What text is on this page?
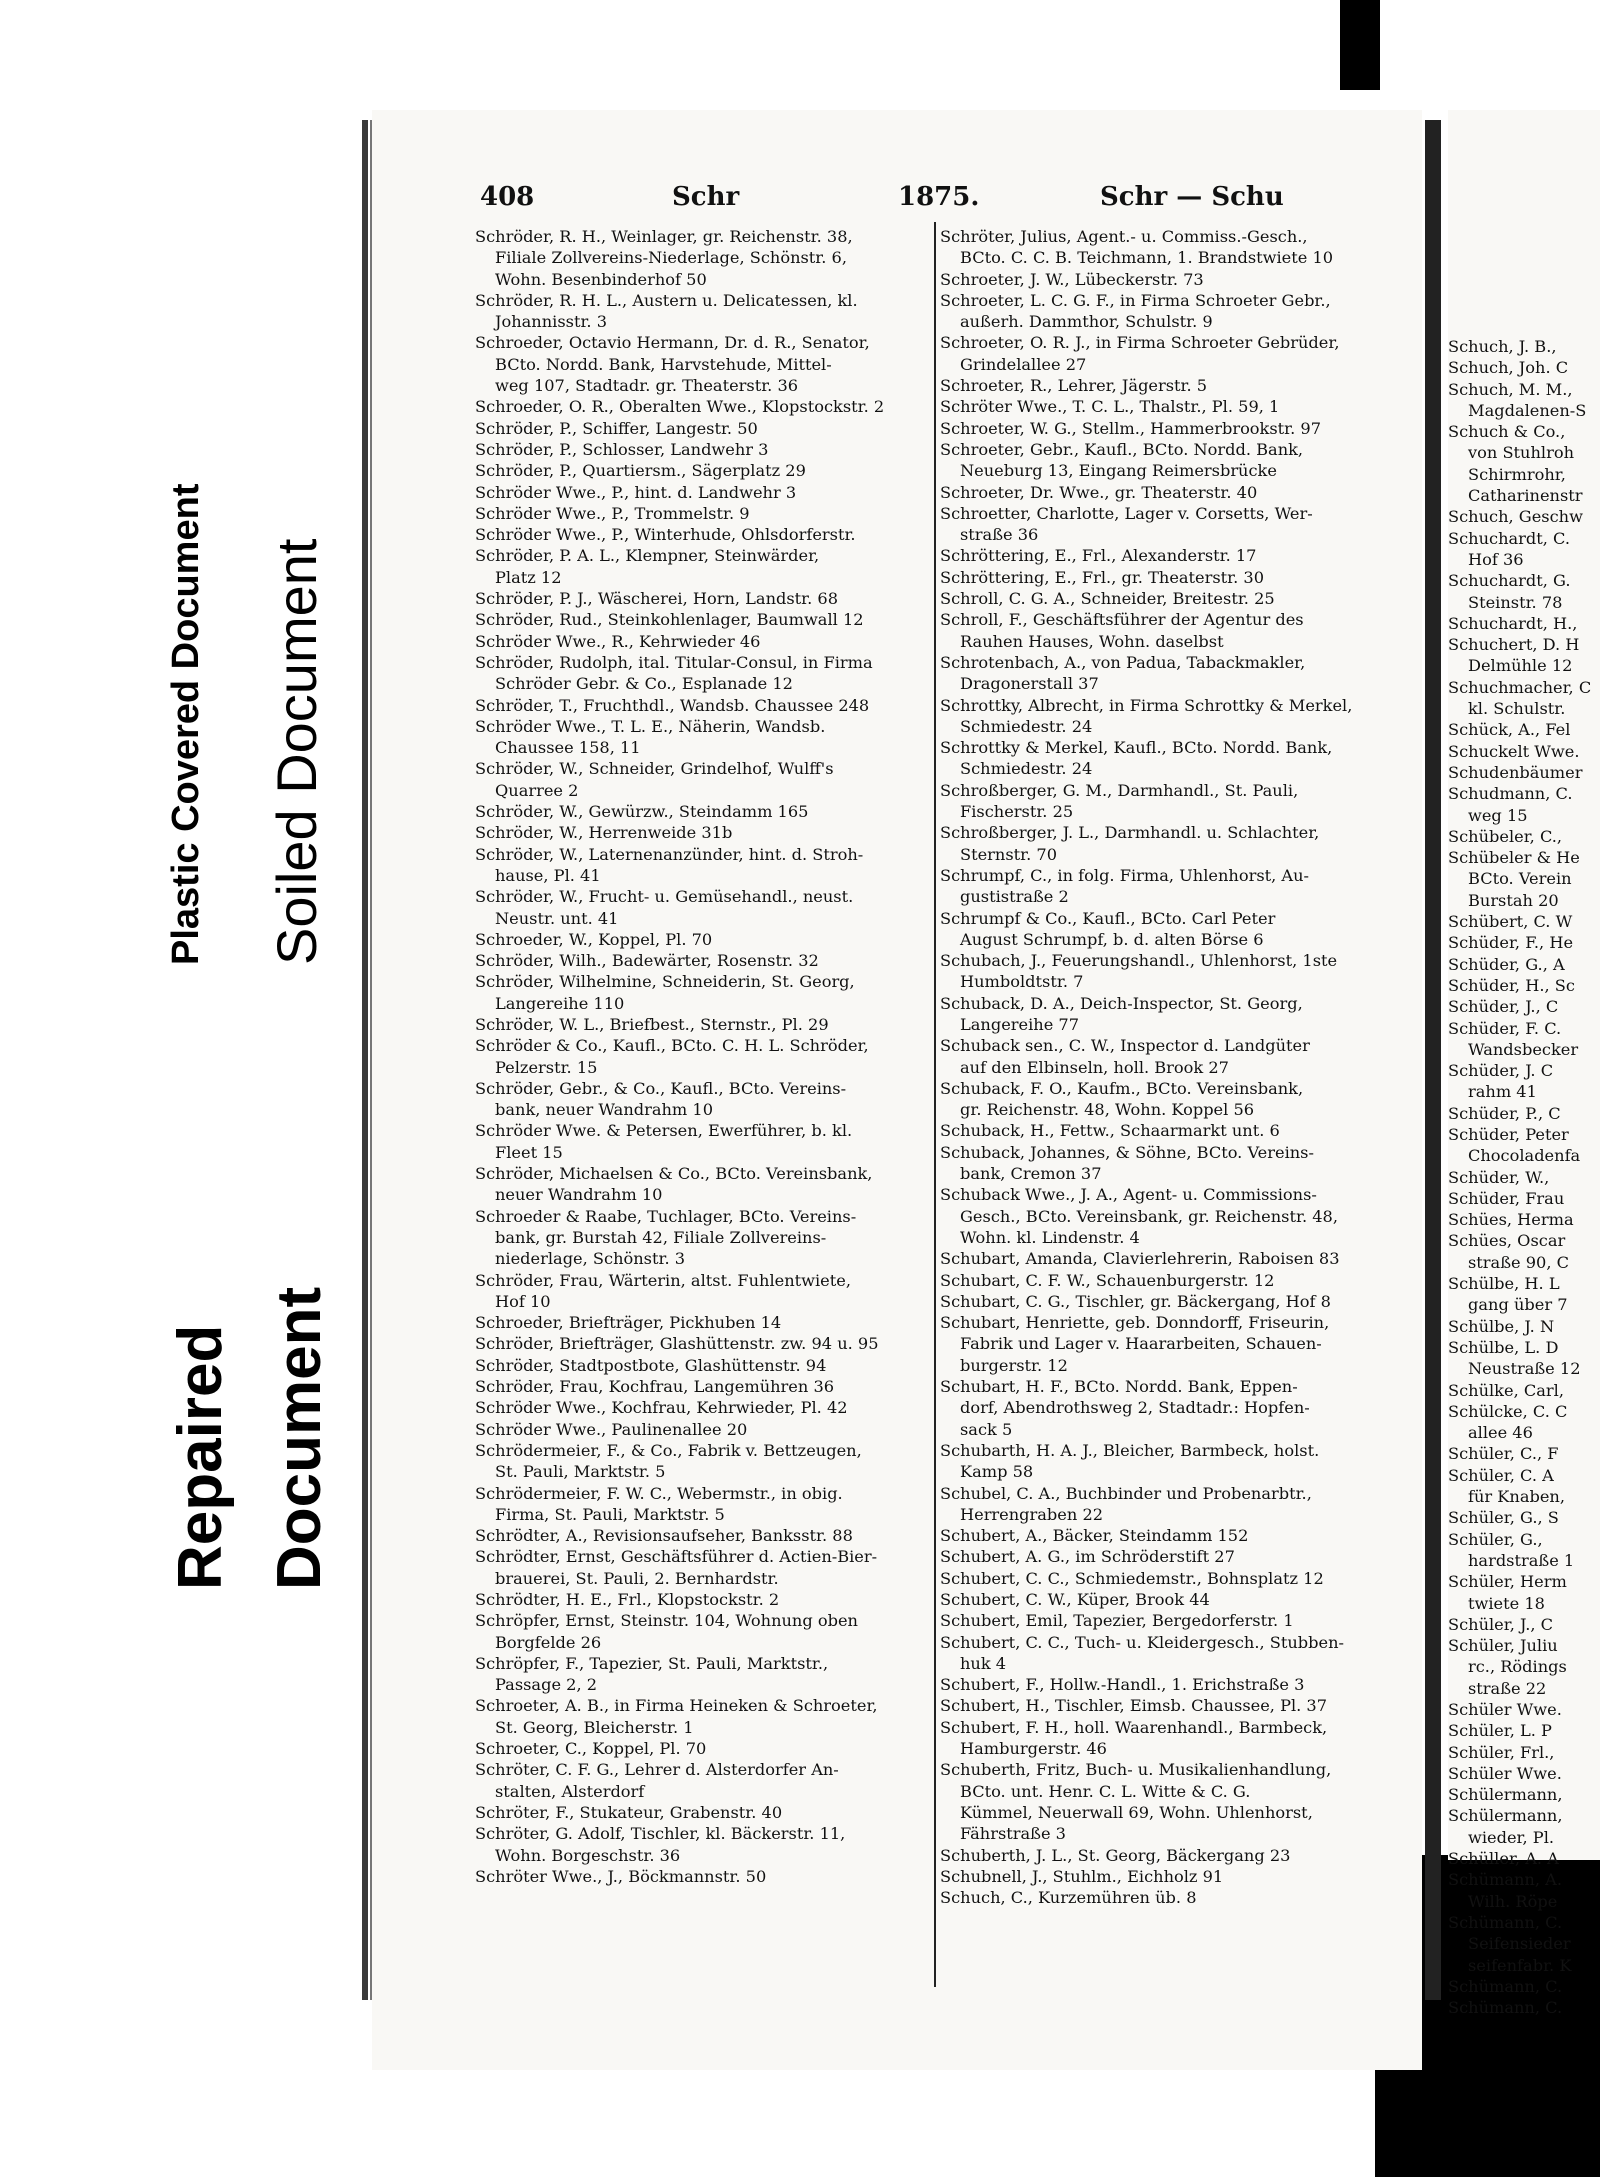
Plastic Covered Document Soiled Document
Repaired Document
Schuch, J. B.,
Schuch, Joh. C
Schuch, M. M.,
Magdalenen-S
Schuch & Co.,
von Stuhlroh
Schirmrohr,
Catharinenstr
Schuch, Geschw
Schuchardt, C.
Hof 36
Schuchardt, G.
Steinstr. 78
Schuchardt, H.,
Schuchert, D. H
Delmühle 12
Schuchmacher, C
kl. Schulstr.
Schück, A., Fel
Schuckelt Wwe.
Schudenbäumer
Schudmann, C.
weg 15
Schübeler, C.,
Schübeler & He
BCto. Verein
Burstah 20
Schübert, C. W
Schüder, F., He
Schüder, G., A
Schüder, H., Sc
Schüder, J., C
Schüder, F. C.
Wandsbecker
Schüder, J. C
rahm 41
Schüder, P., C
Schüder, Peter
Chocoladenfa
Schüder, W.,
Schüder, Frau
Schües, Herma
Schües, Oscar
straße 90, C
Schülbe, H. L
gang über 7
Schülbe, J. N
Schülbe, L. D
Neustraße 12
Schülke, Carl,
Schülcke, C. C
allee 46
Schüler, C., F
Schüler, C. A
für Knaben,
Schüler, G., S
Schüler, G.,
hardstraße 1
Schüler, Herm
twiete 18
Schüler, J., C
Schüler, Juliu
rc., Rödings
straße 22
Schüler Wwe.
Schüler, L. P
Schüler, Frl.,
Schüler Wwe.
Schülermann,
Schülermann,
wieder, Pl.
Schüller, A. A
Schümann, A.
Wilh. Röpe
Schümann, C.
Seifensieder
seifenfabr. K
Schümann, C.
Schümann, C.
408	Schr	1875.	Schr — Schu
Schröder, R. H., Weinlager, gr. Reichenstr. 38,
Filiale Zollvereins-Niederlage, Schönstr. 6,
Wohn. Besenbinderhof 50
Schröder, R. H. L., Austern u. Delicatessen, kl.
Johannisstr. 3
Schroeder, Octavio Hermann, Dr. d. R., Senator,
BCto. Nordd. Bank, Harvstehude, Mittel-
weg 107, Stadtadr. gr. Theaterstr. 36
Schroeder, O. R., Oberalten Wwe., Klopstockstr. 2
Schröder, P., Schiffer, Langestr. 50
Schröder, P., Schlosser, Landwehr 3
Schröder, P., Quartiersm., Sägerplatz 29
Schröder Wwe., P., hint. d. Landwehr 3
Schröder Wwe., P., Trommelstr. 9
Schröder Wwe., P., Winterhude, Ohlsdorferstr.
Schröder, P. A. L., Klempner, Steinwärder,
Platz 12
Schröder, P. J., Wäscherei, Horn, Landstr. 68
Schröder, Rud., Steinkohlenlager, Baumwall 12
Schröder Wwe., R., Kehrwieder 46
Schröder, Rudolph, ital. Titular-Consul, in Firma
Schröder Gebr. & Co., Esplanade 12
Schröder, T., Fruchthdl., Wandsb. Chaussee 248
Schröder Wwe., T. L. E., Näherin, Wandsb.
Chaussee 158, 11
Schröder, W., Schneider, Grindelhof, Wulff's
Quarree 2
Schröder, W., Gewürzw., Steindamm 165
Schröder, W., Herrenweide 31b
Schröder, W., Laternenanzünder, hint. d. Stroh-
hause, Pl. 41
Schröder, W., Frucht- u. Gemüsehandl., neust.
Neustr. unt. 41
Schroeder, W., Koppel, Pl. 70
Schröder, Wilh., Badewärter, Rosenstr. 32
Schröder, Wilhelmine, Schneiderin, St. Georg,
Langereihe 110
Schröder, W. L., Briefbest., Sternstr., Pl. 29
Schröder & Co., Kaufl., BCto. C. H. L. Schröder,
Pelzerstr. 15
Schröder, Gebr., & Co., Kaufl., BCto. Vereins-
bank, neuer Wandrahm 10
Schröder Wwe. & Petersen, Ewerführer, b. kl.
Fleet 15
Schröder, Michaelsen & Co., BCto. Vereinsbank,
neuer Wandrahm 10
Schroeder & Raabe, Tuchlager, BCto. Vereins-
bank, gr. Burstah 42, Filiale Zollvereins-
niederlage, Schönstr. 3
Schröder, Frau, Wärterin, altst. Fuhlentwiete,
Hof 10
Schroeder, Briefträger, Pickhuben 14
Schröder, Briefträger, Glashüttenstr. zw. 94 u. 95
Schröder, Stadtpostbote, Glashüttenstr. 94
Schröder, Frau, Kochfrau, Langemühren 36
Schröder Wwe., Kochfrau, Kehrwieder, Pl. 42
Schröder Wwe., Paulinenallee 20
Schrödermeier, F., & Co., Fabrik v. Bettzeugen,
St. Pauli, Marktstr. 5
Schrödermeier, F. W. C., Webermstr., in obig.
Firma, St. Pauli, Marktstr. 5
Schrödter, A., Revisionsaufseher, Banksstr. 88
Schrödter, Ernst, Geschäftsführer d. Actien-Bier-
brauerei, St. Pauli, 2. Bernhardstr.
Schrödter, H. E., Frl., Klopstockstr. 2
Schröpfer, Ernst, Steinstr. 104, Wohnung oben
Borgfelde 26
Schröpfer, F., Tapezier, St. Pauli, Marktstr.,
Passage 2, 2
Schroeter, A. B., in Firma Heineken & Schroeter,
St. Georg, Bleicherstr. 1
Schroeter, C., Koppel, Pl. 70
Schröter, C. F. G., Lehrer d. Alsterdorfer An-
stalten, Alsterdorf
Schröter, F., Stukateur, Grabenstr. 40
Schröter, G. Adolf, Tischler, kl. Bäckerstr. 11,
Wohn. Borgeschstr. 36
Schröter Wwe., J., Böckmannstr. 50
Schröter, Julius, Agent.- u. Commiss.-Gesch.,
BCto. C. C. B. Teichmann, 1. Brandstwiete 10
Schroeter, J. W., Lübeckerstr. 73
Schroeter, L. C. G. F., in Firma Schroeter Gebr.,
außerh. Dammthor, Schulstr. 9
Schroeter, O. R. J., in Firma Schroeter Gebrüder,
Grindelallee 27
Schroeter, R., Lehrer, Jägerstr. 5
Schröter Wwe., T. C. L., Thalstr., Pl. 59, 1
Schroeter, W. G., Stellm., Hammerbrookstr. 97
Schroeter, Gebr., Kaufl., BCto. Nordd. Bank,
Neueburg 13, Eingang Reimersbrücke
Schroeter, Dr. Wwe., gr. Theaterstr. 40
Schroetter, Charlotte, Lager v. Corsetts, Wer-
straße 36
Schröttering, E., Frl., Alexanderstr. 17
Schröttering, E., Frl., gr. Theaterstr. 30
Schroll, C. G. A., Schneider, Breitestr. 25
Schroll, F., Geschäftsführer der Agentur des
Rauhen Hauses, Wohn. daselbst
Schrotenbach, A., von Padua, Tabackmakler,
Dragonerstall 37
Schrottky, Albrecht, in Firma Schrottky & Merkel,
Schmiedestr. 24
Schrottky & Merkel, Kaufl., BCto. Nordd. Bank,
Schmiedestr. 24
Schroßberger, G. M., Darmhandl., St. Pauli,
Fischerstr. 25
Schroßberger, J. L., Darmhandl. u. Schlachter,
Sternstr. 70
Schrumpf, C., in folg. Firma, Uhlenhorst, Au-
gustistraße 2
Schrumpf & Co., Kaufl., BCto. Carl Peter
August Schrumpf, b. d. alten Börse 6
Schubach, J., Feuerungshandl., Uhlenhorst, 1ste
Humboldtstr. 7
Schuback, D. A., Deich-Inspector, St. Georg,
Langereihe 77
Schuback sen., C. W., Inspector d. Landgüter
auf den Elbinseln, holl. Brook 27
Schuback, F. O., Kaufm., BCto. Vereinsbank,
gr. Reichenstr. 48, Wohn. Koppel 56
Schuback, H., Fettw., Schaarmarkt unt. 6
Schuback, Johannes, & Söhne, BCto. Vereins-
bank, Cremon 37
Schuback Wwe., J. A., Agent- u. Commissions-
Gesch., BCto. Vereinsbank, gr. Reichenstr. 48,
Wohn. kl. Lindenstr. 4
Schubart, Amanda, Clavierlehrerin, Raboisen 83
Schubart, C. F. W., Schauenburgerstr. 12
Schubart, C. G., Tischler, gr. Bäckergang, Hof 8
Schubart, Henriette, geb. Donndorff, Friseurin,
Fabrik und Lager v. Haararbeiten, Schauen-
burgerstr. 12
Schubart, H. F., BCto. Nordd. Bank, Eppen-
dorf, Abendrothsweg 2, Stadtadr.: Hopfen-
sack 5
Schubarth, H. A. J., Bleicher, Barmbeck, holst.
Kamp 58
Schubel, C. A., Buchbinder und Probenarbtr.,
Herrengraben 22
Schubert, A., Bäcker, Steindamm 152
Schubert, A. G., im Schröderstift 27
Schubert, C. C., Schmiedemstr., Bohnsplatz 12
Schubert, C. W., Küper, Brook 44
Schubert, Emil, Tapezier, Bergedorferstr. 1
Schubert, C. C., Tuch- u. Kleidergesch., Stubben-
huk 4
Schubert, F., Hollw.-Handl., 1. Erichstraße 3
Schubert, H., Tischler, Eimsb. Chaussee, Pl. 37
Schubert, F. H., holl. Waarenhandl., Barmbeck,
Hamburgerstr. 46
Schuberth, Fritz, Buch- u. Musikalienhandlung,
BCto. unt. Henr. C. L. Witte & C. G.
Kümmel, Neuerwall 69, Wohn. Uhlenhorst,
Fährstraße 3
Schuberth, J. L., St. Georg, Bäckergang 23
Schubnell, J., Stuhlm., Eichholz 91
Schuch, C., Kurzemühren üb. 8
